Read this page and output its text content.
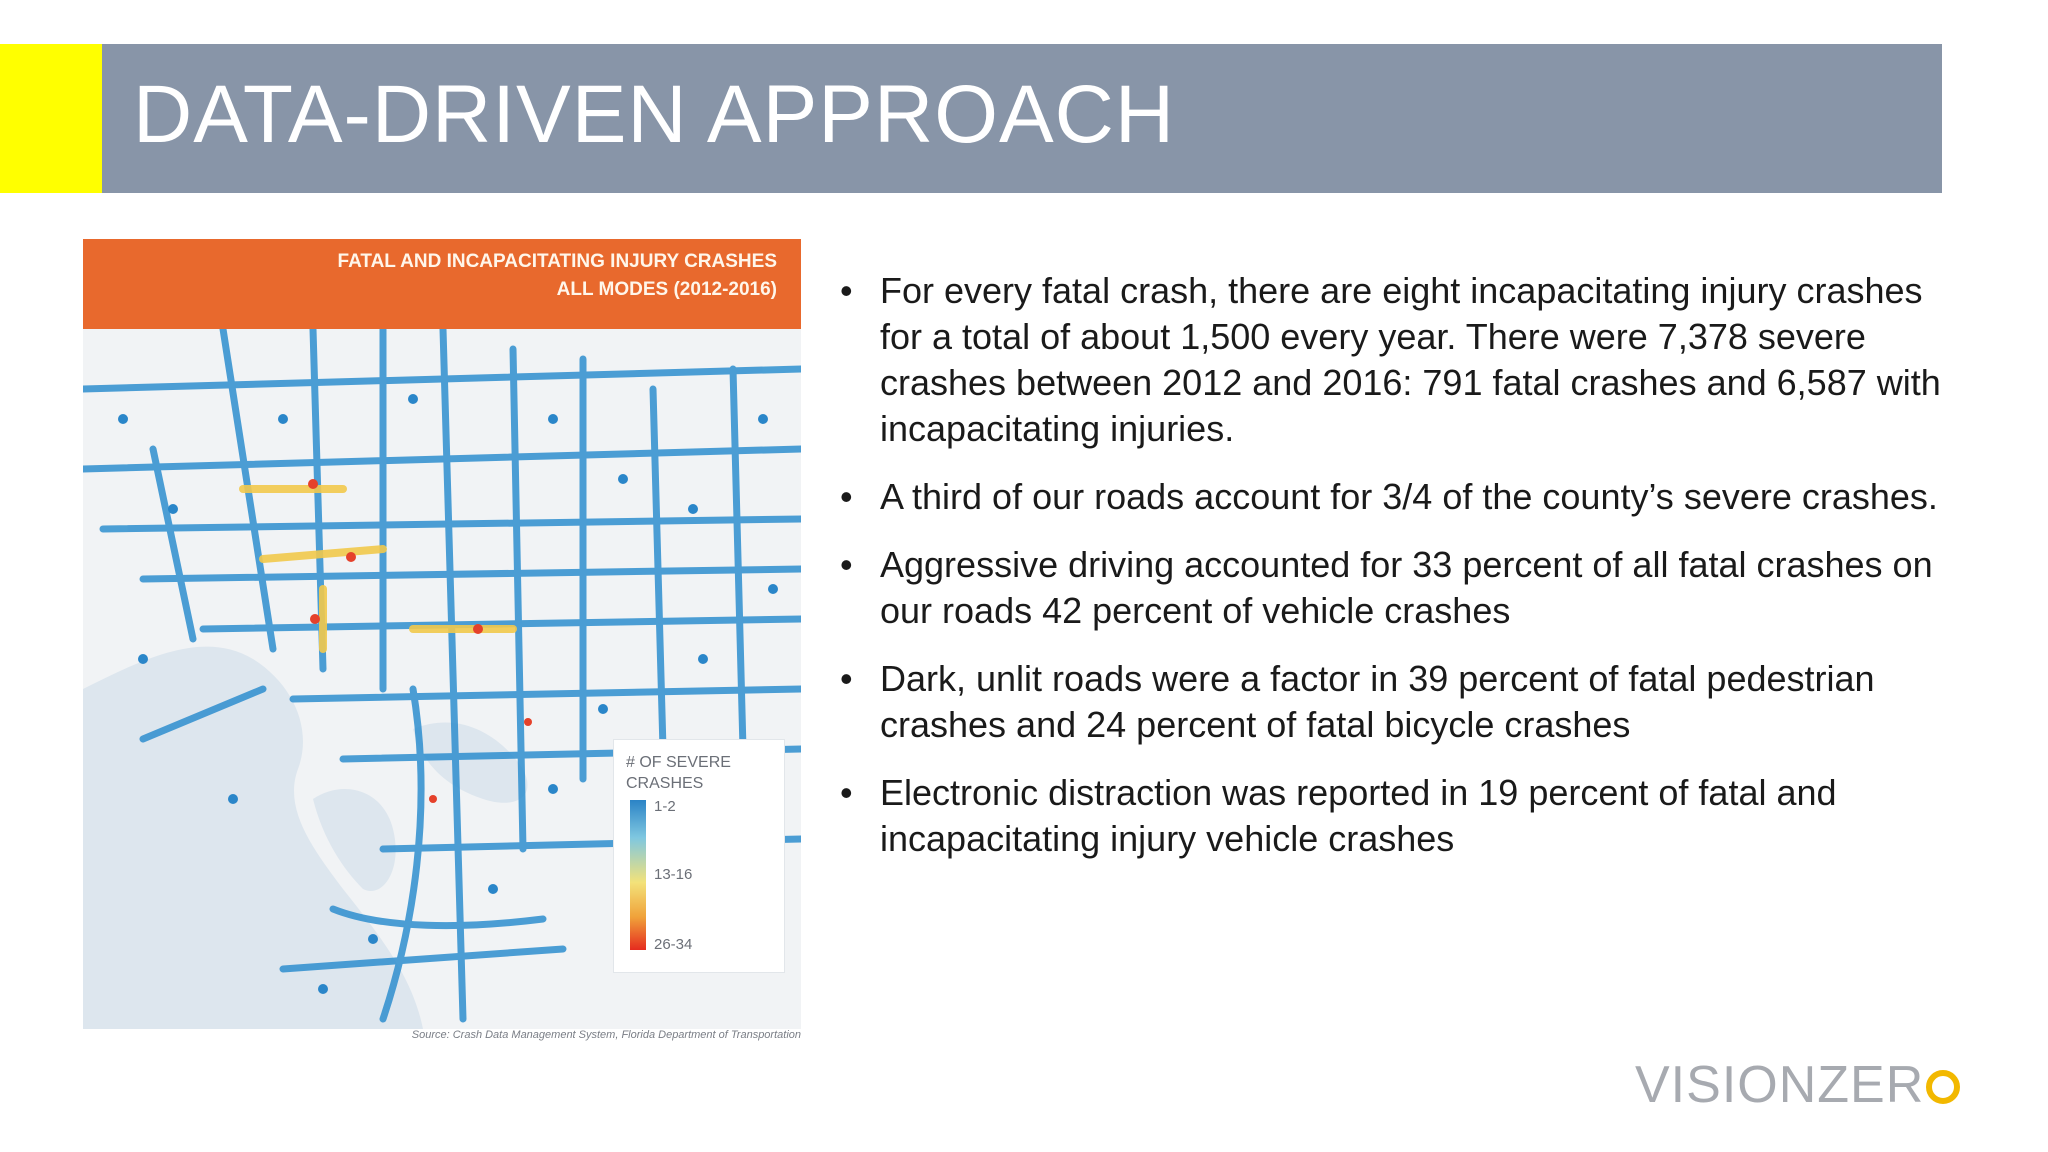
DATA-DRIVEN APPROACH
FATAL AND INCAPACITATING INJURY CRASHES
ALL MODES (2012-2016)
# OF SEVERE
CRASHES
1-2
13-16
26-34
Source: Crash Data Management System, Florida Department of Transportation
• For every fatal crash, there are eight incapacitating injury crashes for a total of about 1,500 every year. There were 7,378 severe crashes between 2012 and 2016: 791 fatal crashes and 6,587 with incapacitating injuries.
• A third of our roads account for 3/4 of the county’s severe crashes.
• Aggressive driving accounted for 33 percent of all fatal crashes on our roads 42 percent of vehicle crashes
• Dark, unlit roads were a factor in 39 percent of fatal pedestrian crashes and 24 percent of fatal bicycle crashes
• Electronic distraction was reported in 19 percent of fatal and incapacitating injury vehicle crashes
VISIONZER
